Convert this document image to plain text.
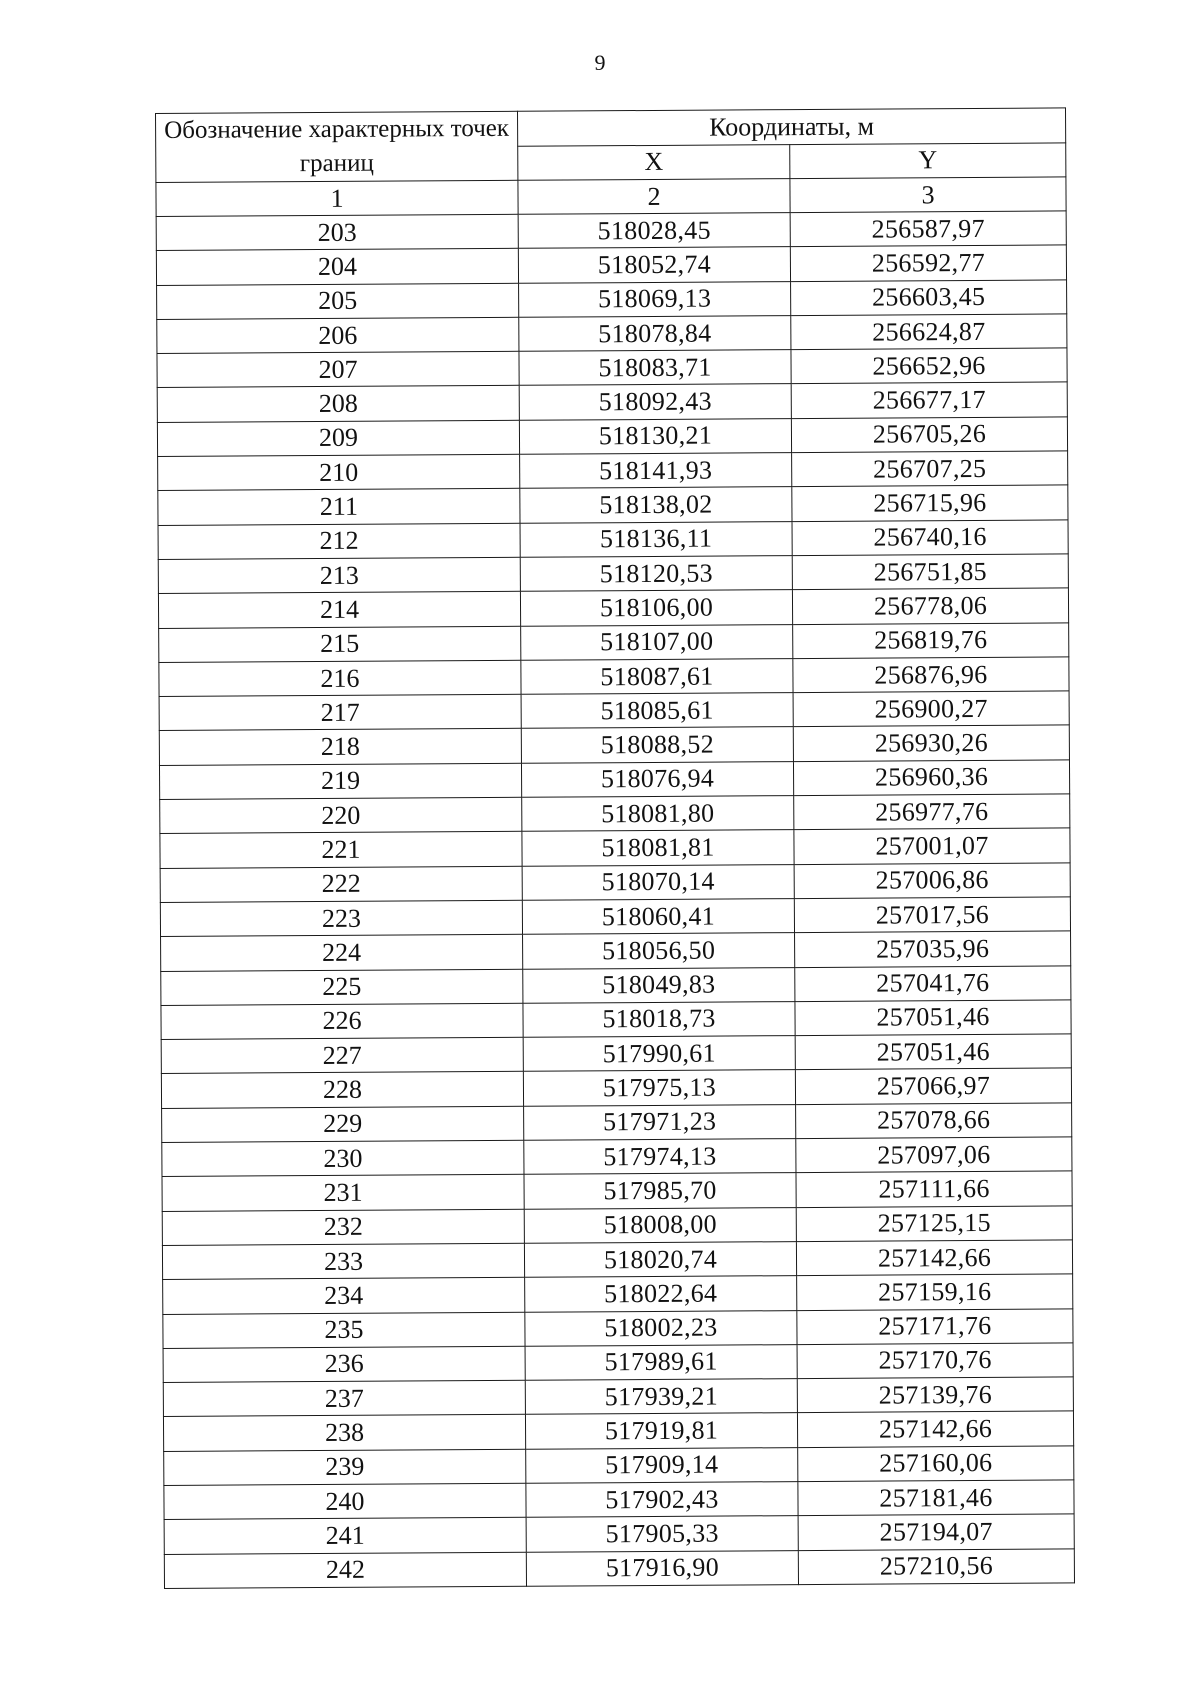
9
Обозначение характерных точек границ	Координаты, м	
	X	Y
1	2	3
203	518028,45	256587,97
204	518052,74	256592,77
205	518069,13	256603,45
206	518078,84	256624,87
207	518083,71	256652,96
208	518092,43	256677,17
209	518130,21	256705,26
210	518141,93	256707,25
211	518138,02	256715,96
212	518136,11	256740,16
213	518120,53	256751,85
214	518106,00	256778,06
215	518107,00	256819,76
216	518087,61	256876,96
217	518085,61	256900,27
218	518088,52	256930,26
219	518076,94	256960,36
220	518081,80	256977,76
221	518081,81	257001,07
222	518070,14	257006,86
223	518060,41	257017,56
224	518056,50	257035,96
225	518049,83	257041,76
226	518018,73	257051,46
227	517990,61	257051,46
228	517975,13	257066,97
229	517971,23	257078,66
230	517974,13	257097,06
231	517985,70	257111,66
232	518008,00	257125,15
233	518020,74	257142,66
234	518022,64	257159,16
235	518002,23	257171,76
236	517989,61	257170,76
237	517939,21	257139,76
238	517919,81	257142,66
239	517909,14	257160,06
240	517902,43	257181,46
241	517905,33	257194,07
242	517916,90	257210,56
